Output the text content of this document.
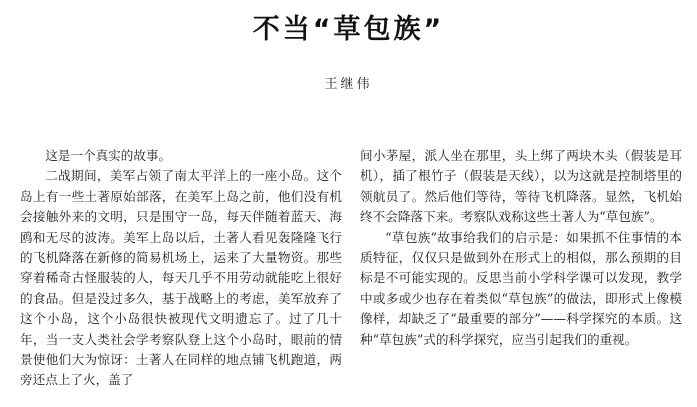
不当“草包族”
王继伟

这是一个真实的故事。

二战期间，美军占领了南太平洋上的一座小岛。这个岛上有一些土著原始部落，在美军上岛之前，他们没有机会接触外来的文明，只是围守一岛，每天伴随着蓝天、海鸥和无尽的波涛。美军上岛以后，土著人看见轰隆隆飞行的飞机降落在新修的简易机场上，运来了大量物资。那些穿着稀奇古怪服装的人，每天几乎不用劳动就能吃上很好的食品。但是没过多久，基于战略上的考虑，美军放弃了这个小岛，这个小岛很快被现代文明遗忘了。过了几十年，当一支人类社会学考察队登上这个小岛时，眼前的情景使他们大为惊讶：土著人在同样的地点铺飞机跑道，两旁还点上了火，盖了

间小茅屋，派人坐在那里，头上绑了两块木头（假装是耳机），插了根竹子（假装是天线），以为这就是控制塔里的领航员了。然后他们等待，等待飞机降落。显然，飞机始终不会降落下来。考察队戏称这些土著人为“草包族”。

“草包族”故事给我们的启示是：如果抓不住事情的本质特征，仅仅只是做到外在形式上的相似，那么预期的目标是不可能实现的。反思当前小学科学课可以发现，教学中或多或少也存在着类似“草包族”的做法，即形式上像模像样，却缺乏了“最重要的部分”——科学探究的本质。这种“草包族”式的科学探究，应当引起我们的重视。
